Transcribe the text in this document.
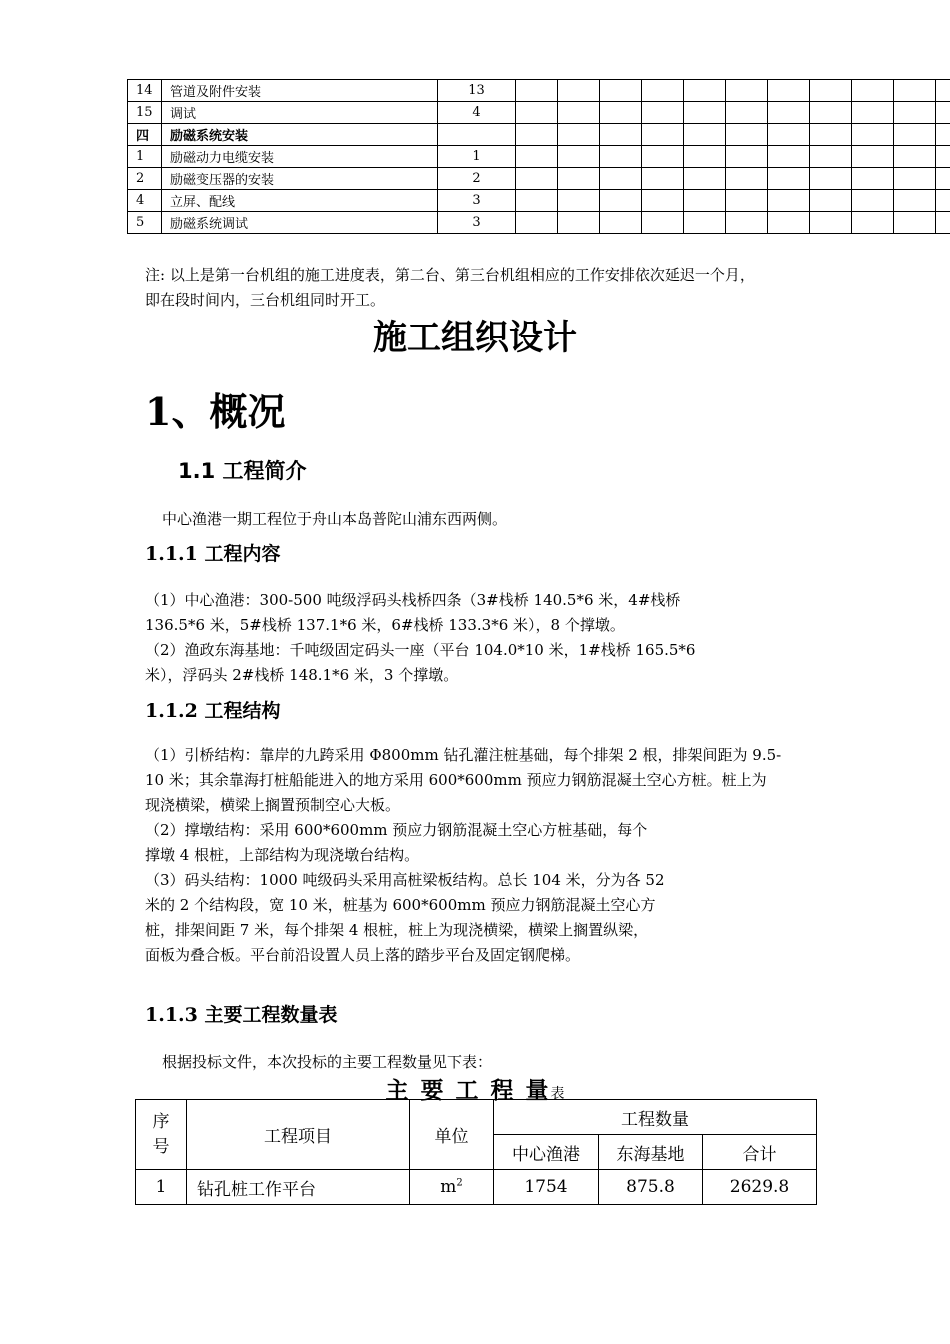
14	管道及附件安装	13											
15	调试	4											
四	励磁系统安装												
1	励磁动力电缆安装	1											
2	励磁变压器的安装	2											
4	立屏、配线	3											
5	励磁系统调试	3											
注: 以上是第一台机组的施工进度表，第二台、第三台机组相应的工作安排依次延迟一个月，
即在段时间内，三台机组同时开工。
施工组织设计
1、概况
1.1 工程简介
中心渔港一期工程位于舟山本岛普陀山浦东西两侧。
1.1.1 工程内容
（1）中心渔港：300-500 吨级浮码头栈桥四条（3#栈桥 140.5*6 米，4#栈桥
136.5*6 米，5#栈桥 137.1*6 米，6#栈桥 133.3*6 米），8 个撑墩。
（2）渔政东海基地：千吨级固定码头一座（平台 104.0*10 米，1#栈桥 165.5*6
米），浮码头 2#栈桥 148.1*6 米，3 个撑墩。
1.1.2 工程结构
（1）引桥结构：靠岸的九跨采用 Φ800mm 钻孔灌注桩基础，每个排架 2 根，排架间距为 9.5-
10 米；其余靠海打桩船能进入的地方采用 600*600mm 预应力钢筋混凝土空心方桩。桩上为
现浇横梁，横梁上搁置预制空心大板。
（2）撑墩结构：采用 600*600mm 预应力钢筋混凝土空心方桩基础，每个
撑墩 4 根桩，上部结构为现浇墩台结构。
（3）码头结构：1000 吨级码头采用高桩梁板结构。总长 104 米，分为各 52
米的 2 个结构段，宽 10 米，桩基为 600*600mm 预应力钢筋混凝土空心方
桩，排架间距 7 米，每个排架 4 根桩，桩上为现浇横梁，横梁上搁置纵梁，
面板为叠合板。平台前沿设置人员上落的踏步平台及固定钢爬梯。
1.1.3 主要工程数量表
根据投标文件，本次投标的主要工程数量见下表：
主 要 工 程 量表
序号	工程项目	单位	工程数量		
			中心渔港	东海基地	合计
1	钻孔桩工作平台	$m^2$	1754	875.8	2629.8
